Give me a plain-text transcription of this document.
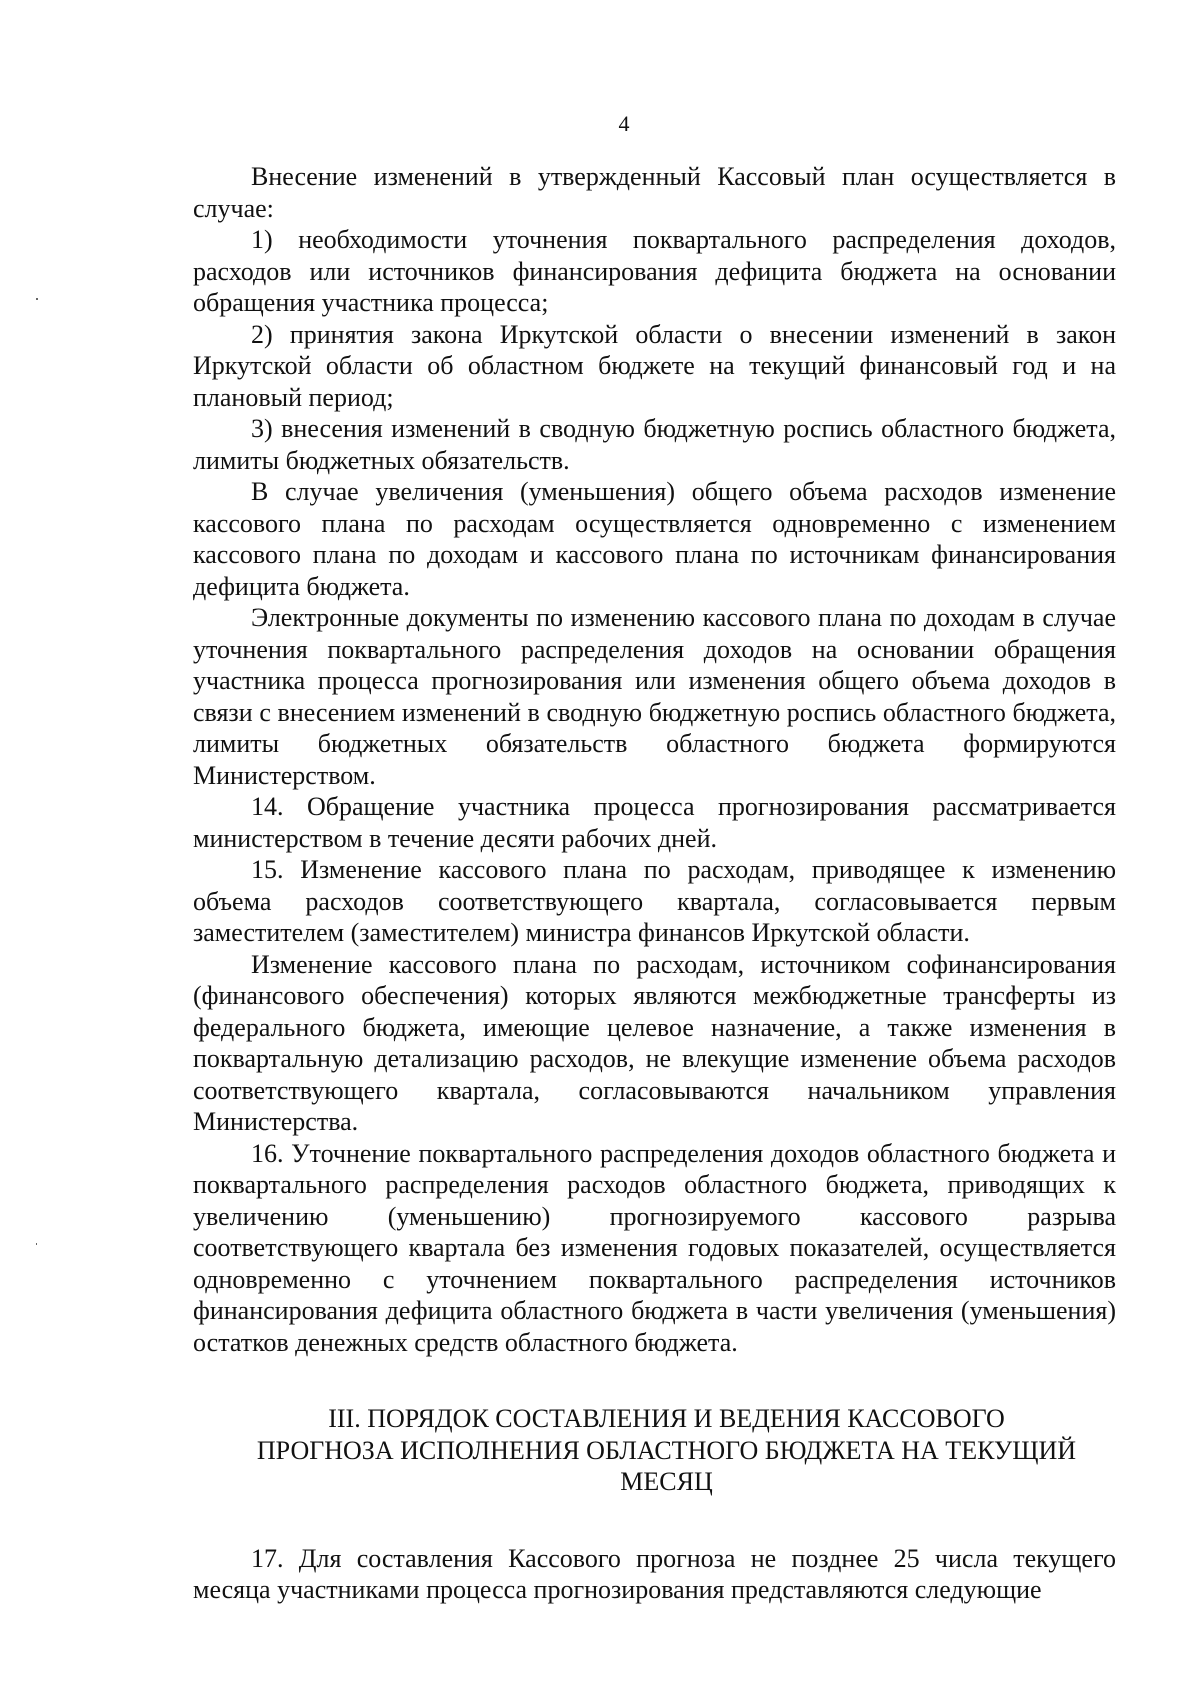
4

Внесение изменений в утвержденный Кассовый план осуществляется в случае:

1) необходимости уточнения поквартального распределения доходов, расходов или источников финансирования дефицита бюджета на основании обращения участника процесса;

2) принятия закона Иркутской области о внесении изменений в закон Иркутской области об областном бюджете на текущий финансовый год и на плановый период;

3) внесения изменений в сводную бюджетную роспись областного бюджета, лимиты бюджетных обязательств.

В случае увеличения (уменьшения) общего объема расходов изменение кассового плана по расходам осуществляется одновременно с изменением кассового плана по доходам и кассового плана по источникам финансирования дефицита бюджета.

Электронные документы по изменению кассового плана по доходам в случае уточнения поквартального распределения доходов на основании обращения участника процесса прогнозирования или изменения общего объема доходов в связи с внесением изменений в сводную бюджетную роспись областного бюджета, лимиты бюджетных обязательств областного бюджета формируются Министерством.

14. Обращение участника процесса прогнозирования рассматривается министерством в течение десяти рабочих дней.

15. Изменение кассового плана по расходам, приводящее к изменению объема расходов соответствующего квартала, согласовывается первым заместителем (заместителем) министра финансов Иркутской области.

Изменение кассового плана по расходам, источником софинансирования (финансового обеспечения) которых являются межбюджетные трансферты из федерального бюджета, имеющие целевое назначение, а также изменения в поквартальную детализацию расходов, не влекущие изменение объема расходов соответствующего квартала, согласовываются начальником управления Министерства.

16. Уточнение поквартального распределения доходов областного бюджета и поквартального распределения расходов областного бюджета, приводящих к увеличению (уменьшению) прогнозируемого кассового разрыва соответствующего квартала без изменения годовых показателей, осуществляется одновременно с уточнением поквартального распределения источников финансирования дефицита областного бюджета в части увеличения (уменьшения) остатков денежных средств областного бюджета.

III. ПОРЯДОК СОСТАВЛЕНИЯ И ВЕДЕНИЯ КАССОВОГО
ПРОГНОЗА ИСПОЛНЕНИЯ ОБЛАСТНОГО БЮДЖЕТА НА ТЕКУЩИЙ
МЕСЯЦ

17. Для составления Кассового прогноза не позднее 25 числа текущего месяца участниками процесса прогнозирования представляются следующие
